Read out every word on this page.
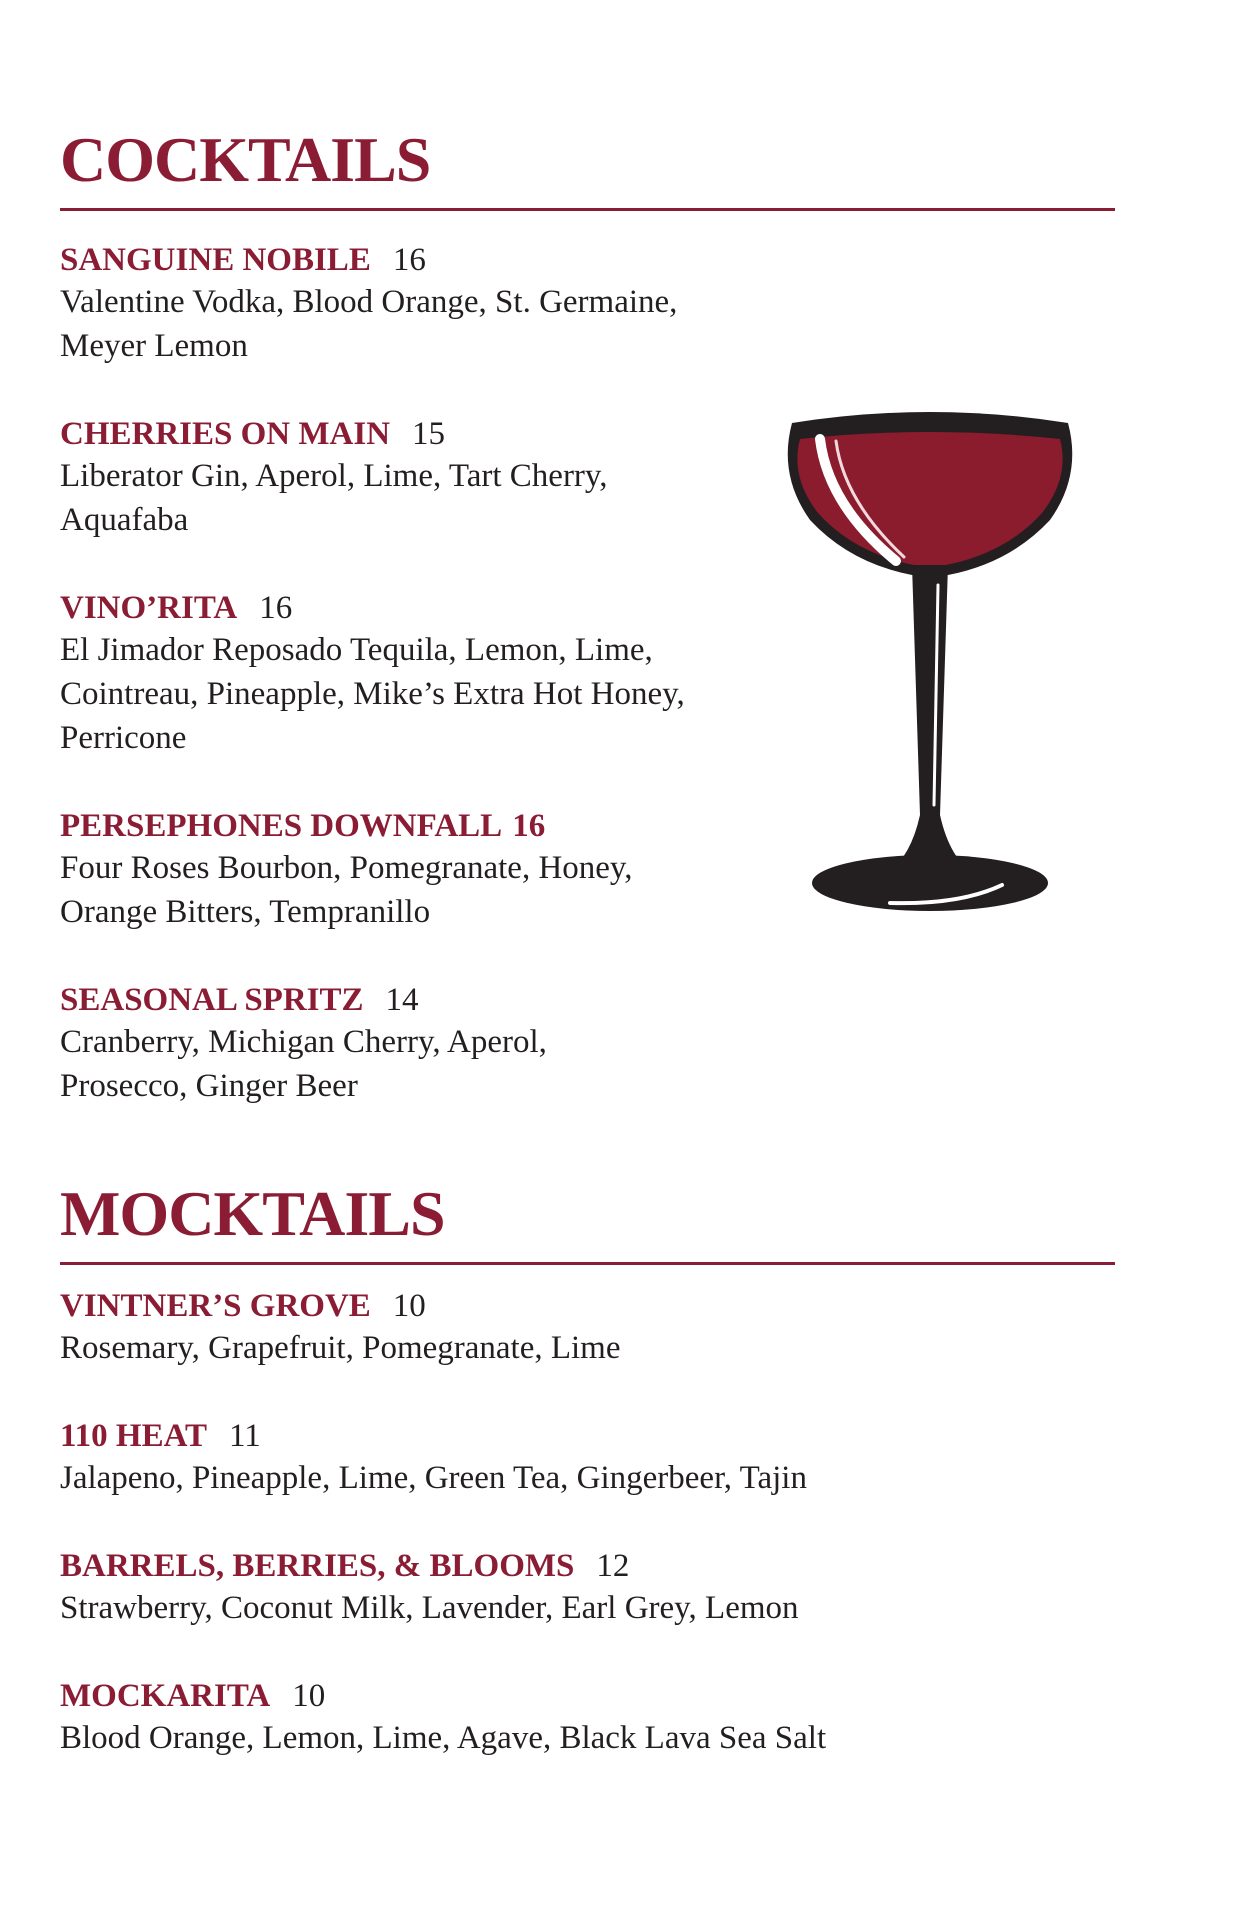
COCKTAILS
SANGUINE NOBILE 16
Valentine Vodka, Blood Orange, St. Germaine,
Meyer Lemon
CHERRIES ON MAIN 15
Liberator Gin, Aperol, Lime, Tart Cherry,
Aquafaba
VINO’RITA 16
El Jimador Reposado Tequila, Lemon, Lime,
Cointreau, Pineapple, Mike’s Extra Hot Honey,
Perricone
PERSEPHONES DOWNFALL 16
Four Roses Bourbon, Pomegranate, Honey,
Orange Bitters, Tempranillo
SEASONAL SPRITZ 14
Cranberry, Michigan Cherry, Aperol,
Prosecco, Ginger Beer
MOCKTAILS
VINTNER’S GROVE 10
Rosemary, Grapefruit, Pomegranate, Lime
110 HEAT 11
Jalapeno, Pineapple, Lime, Green Tea, Gingerbeer, Tajin
BARRELS, BERRIES, & BLOOMS 12
Strawberry, Coconut Milk, Lavender, Earl Grey, Lemon
MOCKARITA 10
Blood Orange, Lemon, Lime, Agave, Black Lava Sea Salt
